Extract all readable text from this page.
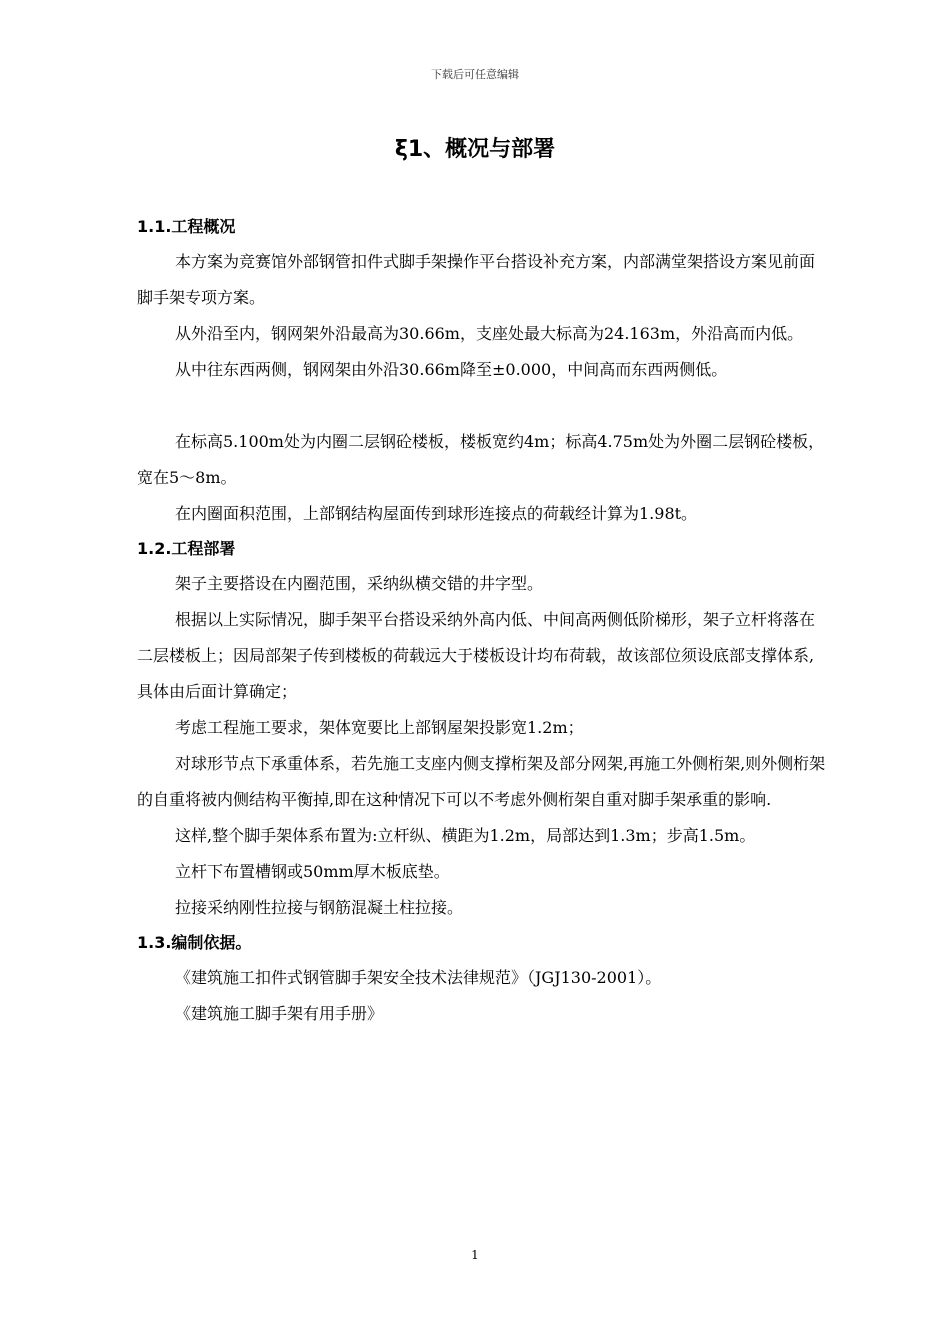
下载后可任意编辑
ξ1、概况与部署

1.1.工程概况

本方案为竞赛馆外部钢管扣件式脚手架操作平台搭设补充方案，内部满堂架搭设方案见前面脚手架专项方案。

从外沿至内，钢网架外沿最高为30.66m，支座处最大标高为24.163m，外沿高而内低。

从中往东西两侧，钢网架由外沿30.66m降至±0.000，中间高而东西两侧低。

在标高5.100m处为内圈二层钢砼楼板，楼板宽约4m；标高4.75m处为外圈二层钢砼楼板，宽在5～8m。

在内圈面积范围，上部钢结构屋面传到球形连接点的荷载经计算为1.98t。

1.2.工程部署

架子主要搭设在内圈范围，采纳纵横交错的井字型。

根据以上实际情况，脚手架平台搭设采纳外高内低、中间高两侧低阶梯形，架子立杆将落在二层楼板上；因局部架子传到楼板的荷载远大于楼板设计均布荷载，故该部位须设底部支撑体系,具体由后面计算确定；

考虑工程施工要求，架体宽要比上部钢屋架投影宽1.2m；

对球形节点下承重体系，若先施工支座内侧支撑桁架及部分网架,再施工外侧桁架,则外侧桁架的自重将被内侧结构平衡掉,即在这种情况下可以不考虑外侧桁架自重对脚手架承重的影响.

这样,整个脚手架体系布置为:立杆纵、横距为1.2m，局部达到1.3m；步高1.5m。

立杆下布置槽钢或50mm厚木板底垫。

拉接采纳刚性拉接与钢筋混凝土柱拉接。

1.3.编制依据。

《建筑施工扣件式钢管脚手架安全技术法律规范》（JGJ130-2001）。

《建筑施工脚手架有用手册》

1
